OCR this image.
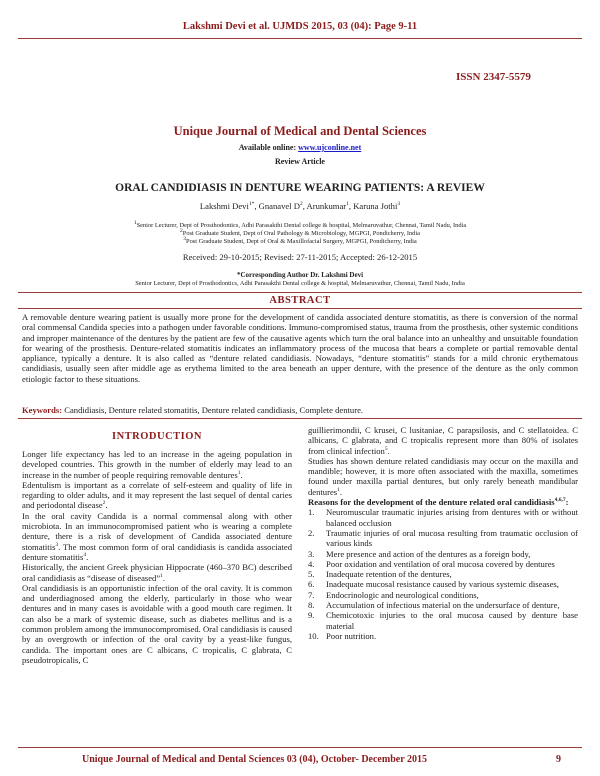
Lakshmi Devi et al. UJMDS 2015, 03 (04): Page 9-11
ISSN 2347-5579
Unique Journal of Medical and Dental Sciences
Available online: www.ujconline.net
Review Article
ORAL CANDIDIASIS IN DENTURE WEARING PATIENTS: A REVIEW
Lakshmi Devi$^{1*}$, Gnanavel $D^2$, Arunkumar$^1$, Karuna Jothi$^3$
$^1$Senior Lecturer, Dept of Prosthodontics, Adhi Parasakthi Dental college & hospital, Melmaruvathur, Chennai, Tamil Nadu, India
$^2$Post Graduate Student, Dept of Oral Pathology & Microbiology, MGPGI, Pondicherry, India
$^3$Post Graduate Student, Dept of Oral & Maxillofacial Surgery, MGPGI, Pondicherry, India
Received: 29-10-2015; Revised: 27-11-2015; Accepted: 26-12-2015
*Corresponding Author Dr. Lakshmi Devi
Senior Lecturer, Dept of Prosthodontics, Adhi Parasakthi Dental college & hospital, Melmaruvathur, Chennai, Tamil Nadu, India
ABSTRACT
A removable denture wearing patient is usually more prone for the development of candida associated denture stomatitis, as there is conversion of the normal oral commensal Candida species into a pathogen under favorable conditions. Immuno-compromised status, trauma from the prosthesis, other systemic conditions and improper maintenance of the dentures by the patient are few of the causative agents which turn the oral balance into an unhealthy and unsuitable foundation for wearing of the prosthesis. Denture-related stomatitis indicates an inflammatory process of the mucosa that bears a complete or partial removable dental appliance, typically a denture. It is also called as “denture related candidiasis. Nowadays, “denture stomatitis” stands for a mild chronic erythematous candidiasis, usually seen after middle age as erythema limited to the area beneath an upper denture, with the presence of the denture as the only common etiologic factor to these situations.
Keywords: Candidiasis, Denture related stomatitis, Denture related candidiasis, Complete denture.
INTRODUCTION

Longer life expectancy has led to an increase in the ageing population in developed countries. This growth in the number of elderly may lead to an increase in the number of people requiring removable dentures$^1$.

Edentulism is important as a correlate of self-esteem and quality of life in regarding to older adults, and it may represent the last sequel of dental caries and periodontal disease$^2$.

In the oral cavity Candida is a normal commensal along with other microbiota. In an immunocompromised patient who is wearing a complete denture, there is a risk of development of Candida associated denture stomatitis$^3$. The most common form of oral candidiasis is candida associated denture stomatitis$^4$.

Historically, the ancient Greek physician Hippocrate (460–370 BC) described oral candidiasis as “disease of diseased”$^1$.

Oral candidiasis is an opportunistic infection of the oral cavity. It is common and underdiagnosed among the elderly, particularly in those who wear dentures and in many cases is avoidable with a good mouth care regimen. It can also be a mark of systemic disease, such as diabetes mellitus and is a common problem among the immunocompromised. Oral candidiasis is caused by an overgrowth or infection of the oral cavity by a yeast-like fungus, candida. The important ones are C albicans, C tropicalis, C glabrata, C pseudotropicalis, C

guillierimondii, C krusei, C lusitaniae, C parapsilosis, and C stellatoidea. C albicans, C glabrata, and C tropicalis represent more than 80% of isolates from clinical infection$^5$.

Studies has shown denture related candidiasis may occur on the maxilla and mandible; however, it is more often associated with the maxilla, sometimes found under maxilla partial dentures, but only rarely beneath mandibular dentures$^1$.

Reasons for the development of the denture related oral candidiasis$^{4,6,7}$:

1. Neuromuscular traumatic injuries arising from dentures with or without balanced occlusion
2. Traumatic injuries of oral mucosa resulting from traumatic occlusion of various kinds
3. Mere presence and action of the dentures as a foreign body,
4. Poor oxidation and ventilation of oral mucosa covered by dentures
5. Inadequate retention of the dentures,
6. Inadequate mucosal resistance caused by various systemic diseases,
7. Endocrinologic and neurological conditions,
8. Accumulation of infectious material on the undersurface of denture,
9. Chemicotoxic injuries to the oral mucosa caused by denture base material
10. Poor nutrition.
Unique Journal of Medical and Dental Sciences 03 (04), October- December 2015	9
